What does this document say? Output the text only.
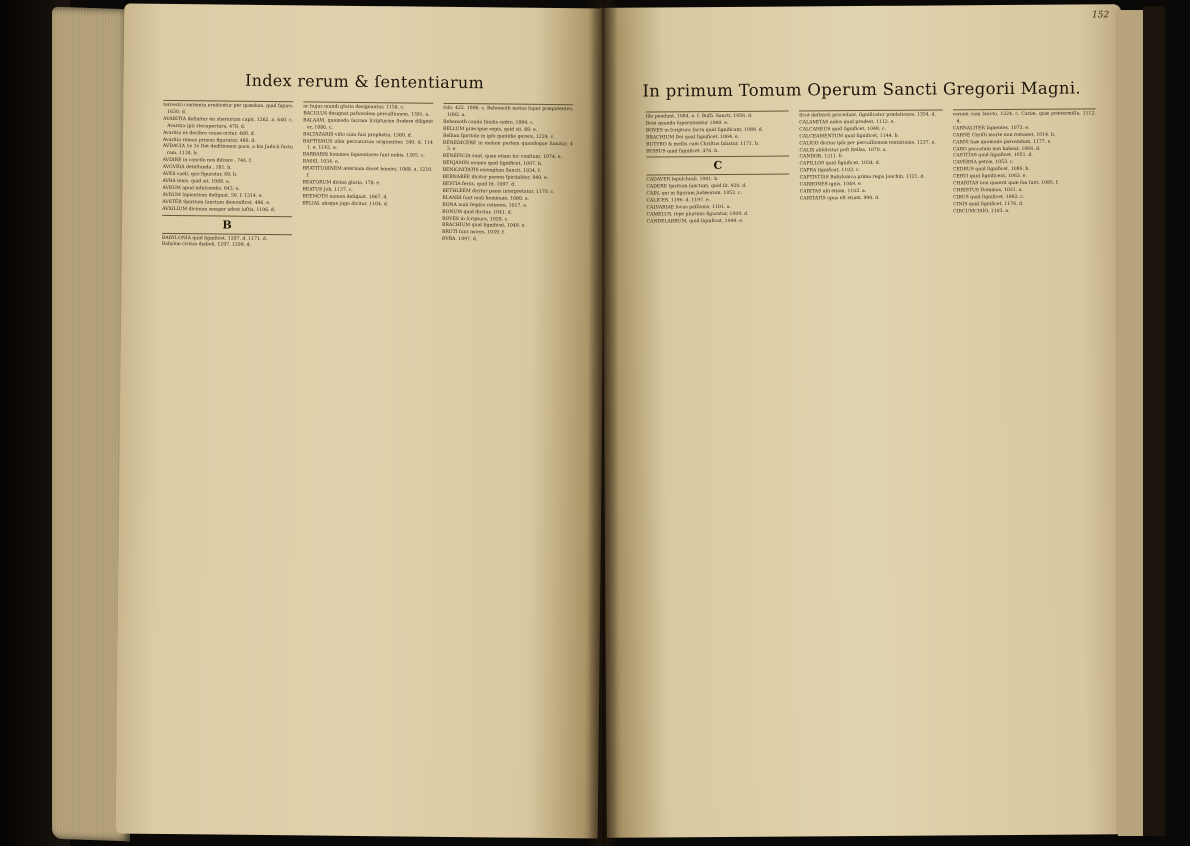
Index rerum & ſententiarum

terrestri contemtu eradicetur per quædam, quid figure, 1630. d.

AVARITIA definitur en sheriorum capit, 1262. a. 640. c. Avaritia (pi) stecupertura, 478. d.

Avaritia ex decibro cause oritur, 480. d.

Avaritia ramus primus figuratur, 480. d.

AVDACIA 1e 1e Det deditionem pace, a bis Judicii facturam, 1134. b.

AVDIRE in conciſe nos diſcere , 746. f.

AVGVRIA deteſtanda , 181. b.

AVES caeli, quo figuratur, 69. b.

AVRA lenis, quid sit, 1068. a.

AVRUM apud infulcendis, 643. a.

AVRUM ſapientiam deſignat, 50. f. 1314. e.

AVSTER Spiritum ſanctum demonſtrat, 496. e.

AVXILIUM divinum semper adest iuſtis, 1196. d.

B

BABYLONIA quid ſignificet, 1297. d. 1171. d.

Babylon civitas diaboli, 1297. 1299. d.

ac hujus mundi gloria designantur, 1158. c.

BACULUS designat paſtoralem percuſſionem, 1391. a.

BALAAM, quomodo ſacram ſcripturam ſtudere diligenter, 1086. c.

BALTAZARIS viſio cum fuis prophetia, 1360. d.

BAPTISMUS olim peccatorum originaliter, 100. d. 1141. e. 1142. a.

BARBARIS homines ſapientiores ſunt nobis, 1305. c.

BASSI, 1034. e.

BEATITUDINEM æternam docet homini, 1068. a. 1210. f.

BEATORUM divina gloria, 178. e.

BEATUS Job, 1137. c.

BEEMOTH nomen deſignat, 1067. d.

BELIAL absque jugo dicitur, 1104. d.

ſolo, 422. 1006. c. Behemoth motus ſuper præpotentes, 1092. a.

Behemoth cauda ſimilis cedro, 1094. c.

BELLUM præcipue regis, quid sit, 89. e.

Bellum ſpiritale in ipſo quotidie gerere, 1224. c.

BENEDICERE in malum partem quandoque ſumitur, 43. e.

BENEFICIA sunt, quae etiam hic conſtant, 1074. e.

BENJAMIN nomen quid ſignificet, 1097. b.

BENIGNITATIS exemplum Sancti, 1034. f.

BERNABEE dicitur parens ſpiritaliter, 940. e.

BESTIA ferox, quid ſit, 1097. d.

BETHLEEM dicitur panis interpretatur, 1170. c.

BLANDI ſunt mali hominum, 1080. a.

BONA mali ſeipſos retinere, 1017. e.

BONUM quid dicitur, 1041. d.

BOVES in ſcriptura, 1028. c.

BRACHIUM quid ſignificet, 1049. e.

BRUTI ſunt mores, 1039. f.

BVRA, 1097. d.

152
In primum Tomum Operum Sancti Gregorii Magni.

ſile pendunt, 1084. e. f. Buſſi. Sancti, 1056. d.

Boni quando ſupernitantur 1060. e.

BOVES in ſcriptura ſacra quid ſignificant, 1088. d.

BRACHIUM Dei quid ſignificet, 1064. e.

BUTYRO & mellis cum Chriſtus ſaliatur, 1171. b.

BYSSUS quid ſignificet, 476. b.

C

CADAVER ſepulchrali, 1001. b.

CADERE ſpiritum ſanctum, quid ſit, 920. d.

CAIN, qui in figuram Judæorum, 1052. c.

CALICES, 1196. d. 1197. e.

CALVARIAE locus paſſionis, 1101. a.

CAMELUS, ſepe plurimis figuratur, 1009. d.

CANDELABRUM, quid ſignificat, 1044. e.

ſicut deſtincti procedunt, ſignificatur prælationes, 1354. d.

CALAMITAS nobis quid prodest, 1112. e.

CALCANEUS quid ſignificet, 1048. c.

CALCEAMENTUM quid ſignificet, 1144. b.

CALIGO dicitur ipſa per percuſſionem tentationis, 1237. a.

CALIX abſolvitur poſt ſtellas, 1070. a.

CANDOR, 1211. b.

CAPILLOS quid ſignificet, 1034. d.

CAPRA ſignificat, 1103. c.

CAPTIVITAS Babylonica prima regis Joachin, 1121. d.

CARBONES ignis, 1049. e.

CARITAS ubi etiam, 1163. a.

CARITATIS opus eſt etiam, 990. d.

variam cum ſancto, 1224. c. Cariæ, quæ prætermiſſa, 1112. d.

CARNALITER ſapientes, 1073. e.

CARNE Chriſti morte non remanet, 1014. b.

CARNI ſuæ quomodo parcendum, 1177. e.

CARO peccatum non habeat, 1066. d.

CASTITAS quid ſignificet, 1051. d.

CAVERNA petræ, 1053. c.

CEDRUS quid ſignificet, 1086. b.

CERVI quid ſignificent, 1063. e.

CHARITAS non quaerit quæ ſua ſunt, 1085. f.

CHRISTUS Dominus, 1021. a.

CIBUS quid ſignificet, 1092. c.

CINIS quid ſignificet, 1178. d.

CIRCUMCISIO, 1103. a.
